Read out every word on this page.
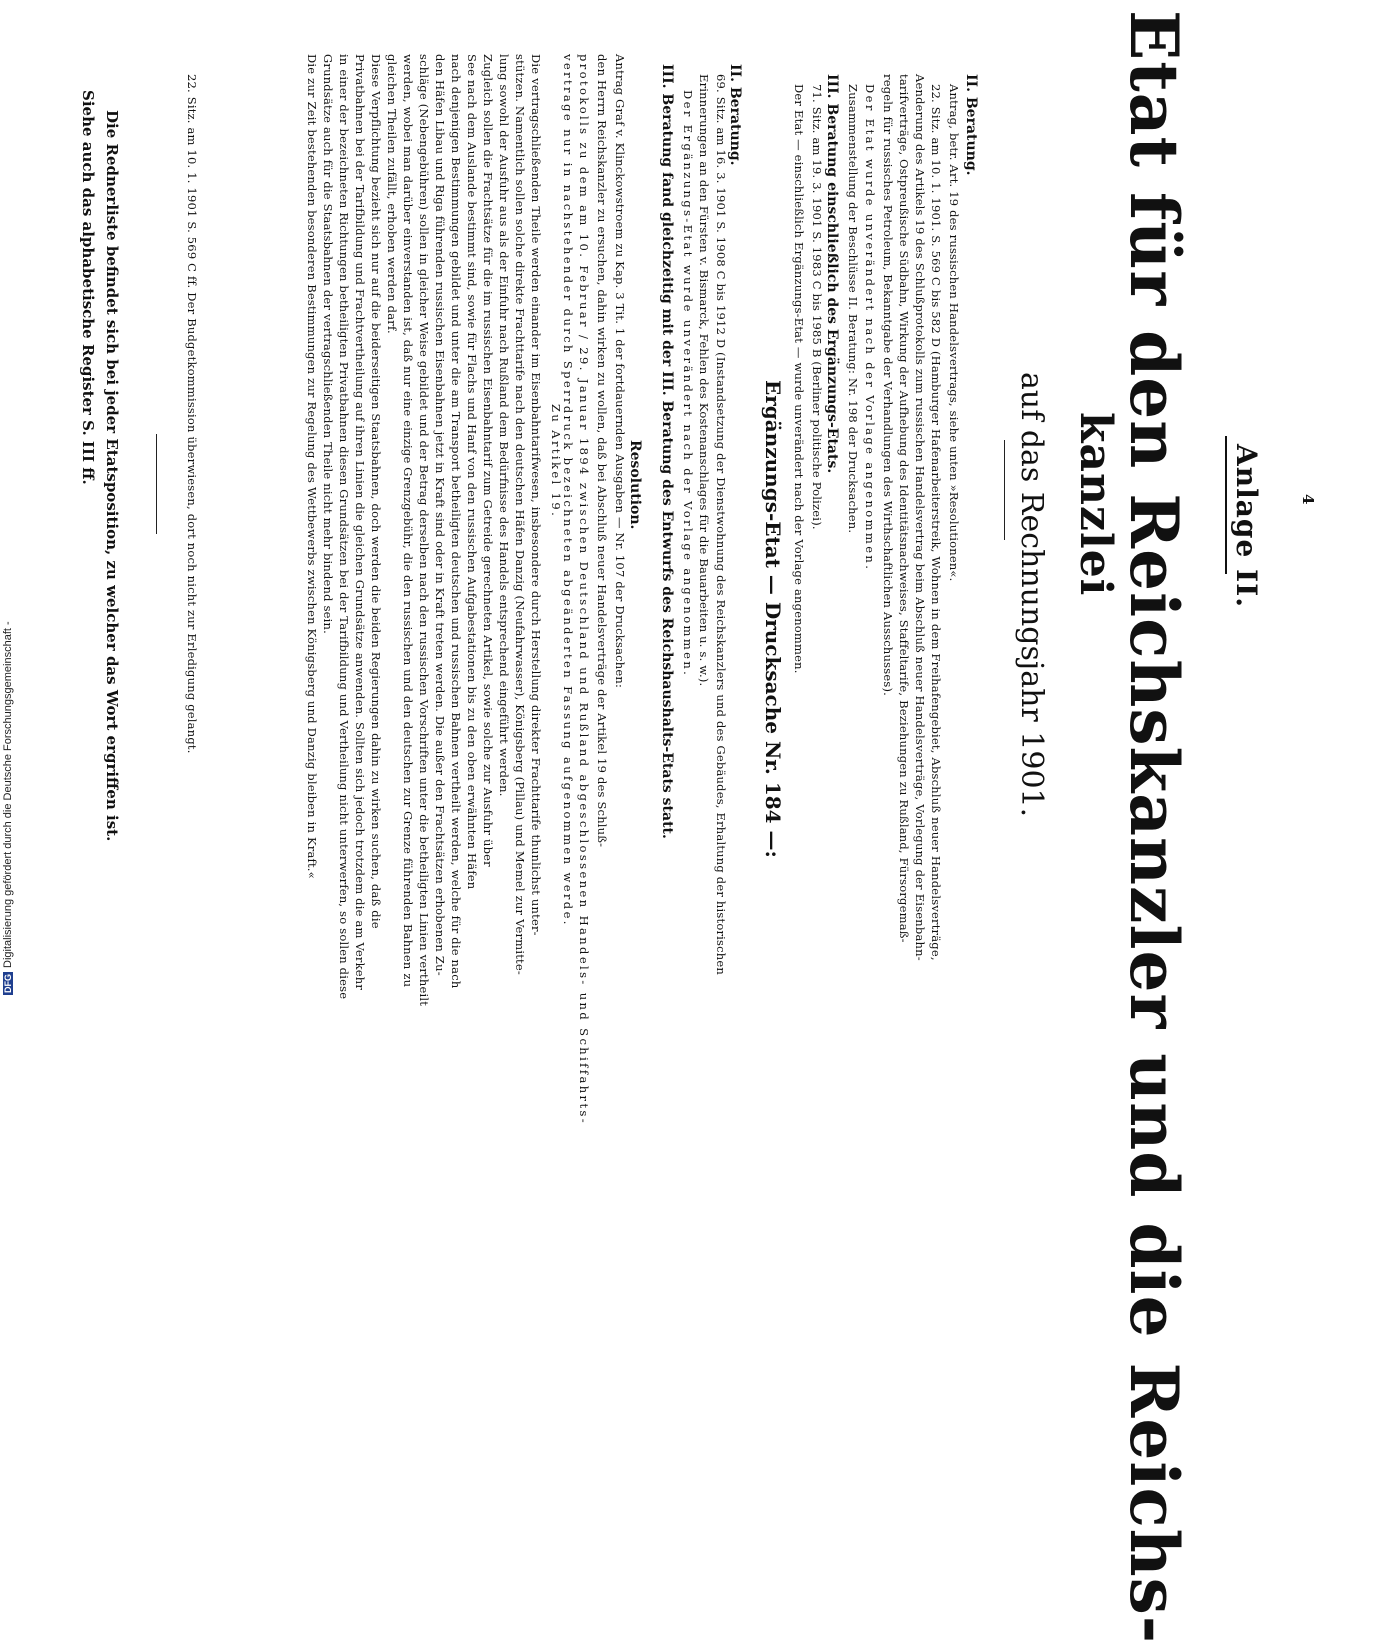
4
Anlage II.
Etat für den Reichskanzler und die Reichs-
kanzlei
auf das Rechnungsjahr 1901.
II. Beratung.
Antrag, betr. Art. 19 des russischen Handelsvertrags, siehe unten »Resolutionen«.
22. Sitz. am 10. 1. 1901. S. 569 C bis 582 D (Hamburger Hafenarbeiterstreik, Wohnen in dem Freihafengebiet, Abschluß neuer Handelsverträge,
Aenderung des Artikels 19 des Schlußprotokolls zum russischen Handelsvertrag beim Abschluß neuer Handelsverträge, Vorlegung der Eisenbahn-
tarifverträge, Ostpreußische Südbahn, Wirkung der Aufhebung des Identitätsnachweises, Staffeltarife, Beziehungen zu Rußland, Fürsorgemaß-
regeln für russisches Petroleum, Bekanntgabe der Verhandlungen des Wirthschaftlichen Ausschusses).
Der Etat wurde unverändert nach der Vorlage angenommen.
Zusammenstellung der Beschlüsse II. Beratung: Nr. 198 der Drucksachen.
III. Beratung einschließlich des Ergänzungs-Etats.
71. Sitz. am 19. 3. 1901 S. 1983 C bis 1985 B (Berliner politische Polizei).
Der Etat — einschließlich Ergänzungs-Etat — wurde unverändert nach der Vorlage angenommen.
Ergänzungs-Etat — Drucksache Nr. 184 —:
II. Beratung.
69. Sitz. am 16. 3. 1901 S. 1908 C bis 1912 D (Instandsetzung der Dienstwohnung des Reichskanzlers und des Gebäudes, Erhaltung der historischen
Erinnerungen an den Fürsten v. Bismarck, Fehlen des Kostenanschlages für die Bauarbeiten u. s. w.).
Der Ergänzungs-Etat wurde unverändert nach der Vorlage angenommen.
III. Beratung fand gleichzeitig mit der III. Beratung des Entwurfs des Reichshaushalts-Etats statt.
Resolution.
Antrag Graf v. Klinckowstroem zu Kap. 3 Tit. 1 der fortdauernden Ausgaben — Nr. 107 der Drucksachen:
den Herrn Reichskanzler zu ersuchen, dahin wirken zu wollen, daß bei Abschluß neuer Handelsverträge der Artikel 19 des Schluß-
protokolls zu dem am 10. Februar / 29. Januar 1894 zwischen Deutschland und Rußland abgeschlossenen Handels- und Schiffahrts-
vertrage nur in nachstehender durch Sperrdruck bezeichneten abgeänderten Fassung aufgenommen werde.
Zu Artikel 19.
Die vertragschließenden Theile werden einander im Eisenbahntarifwesen, insbesondere durch Herstellung direkter Frachttarife thunlichst unter-
stützen. Namentlich sollen solche direkte Frachttarife nach den deutschen Häfen Danzig (Neufahrwasser), Königsberg (Pillau) und Memel zur Vermitte-
lung sowohl der Ausfuhr aus als der Einfuhr nach Rußland dem Bedürfnisse des Handels entsprechend eingeführt werden.
Zugleich sollen die Frachtsätze für die im russischen Eisenbahntarif zum Getreide gerechneten Artikel, sowie solche zur Ausfuhr über
See nach dem Auslande bestimmt sind, sowie für Flachs und Hanf von den russischen Aufgabestationen bis zu den oben erwähnten Häfen
nach denjenigen Bestimmungen gebildet und unter die am Transport betheiligten deutschen und russischen Bahnen vertheilt werden, welche für die nach
den Häfen Libau und Riga führenden russischen Eisenbahnen jetzt in Kraft sind oder in Kraft treten werden. Die außer den Frachtsätzen erhobenen Zu-
schläge (Nebengebühren) sollen in gleicher Weise gebildet und der Betrag derselben nach den russischen Vorschriften unter die betheiligten Linien vertheilt
werden, wobei man darüber einverstanden ist, daß nur eine einzige Grenzgebühr, die den russischen und den deutschen zur Grenze führenden Bahnen zu
gleichen Theilen zufällt, erhoben werden darf.
Diese Verpflichtung bezieht sich nur auf die beiderseitigen Staatsbahnen, doch werden die beiden Regierungen dahin zu wirken suchen, daß die
Privatbahnen bei der Tarifbildung und Frachtvertheilung auf ihren Linien die gleichen Grundsätze anwenden. Sollten sich jedoch trotzdem die am Verkehr
in einer der bezeichneten Richtungen betheiligten Privatbahnen diesen Grundsätzen bei der Tarifbildung und Vertheilung nicht unterwerfen, so sollen diese
Grundsätze auch für die Staatsbahnen der vertragschließenden Theile nicht mehr bindend sein.
Die zur Zeit bestehenden besonderen Bestimmungen zur Regelung des Wettbewerbs zwischen Königsberg und Danzig bleiben in Kraft.«
22. Sitz. am 10. 1. 1901 S. 569 C ff. Der Budgetkommission überwiesen, dort noch nicht zur Erledigung gelangt.
Die Rednerliste befindet sich bei jeder Etatsposition, zu welcher das Wort ergriffen ist.
Siehe auch das alphabetische Register S. III ff.
DFGDigitalisierung gefördert durch die Deutsche Forschungsgemeinschaft -
